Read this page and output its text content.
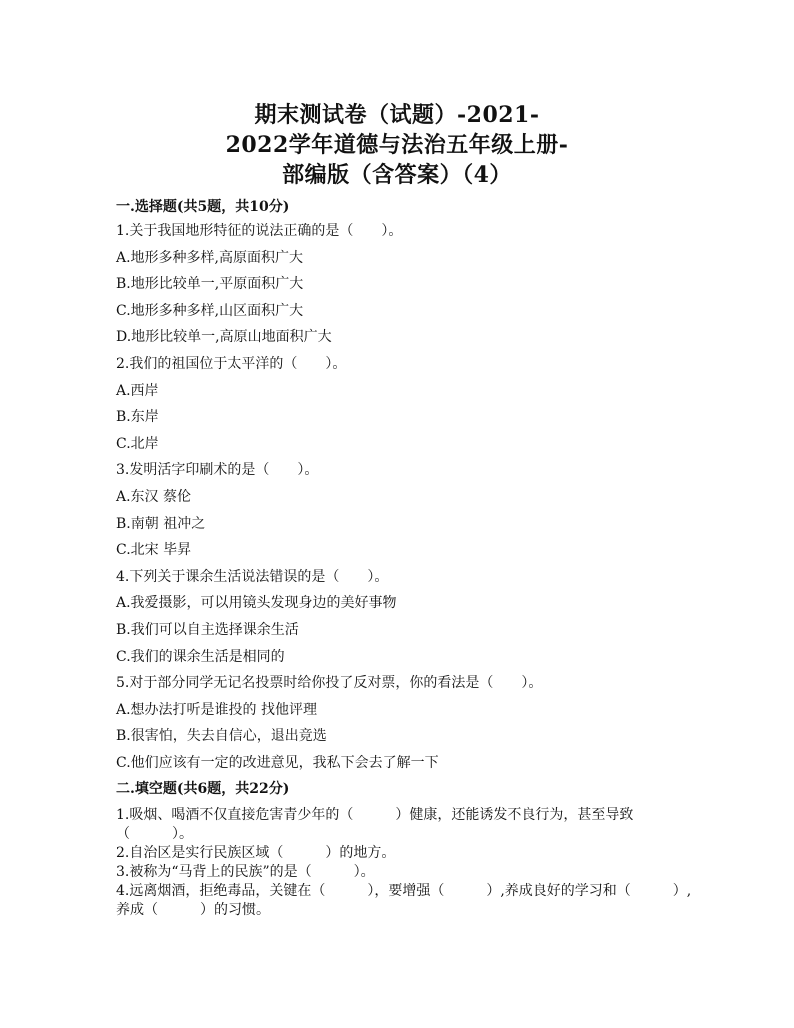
期末测试卷（试题）-2021-
2022学年道德与法治五年级上册-
部编版（含答案）（4）

一.选择题(共5题，共10分)

1.关于我国地形特征的说法正确的是（　　）。

A.地形多种多样,高原面积广大

B.地形比较单一,平原面积广大

C.地形多种多样,山区面积广大

D.地形比较单一,高原山地面积广大

2.我们的祖国位于太平洋的（　　）。

A.西岸

B.东岸

C.北岸

3.发明活字印刷术的是（　　）。

A.东汉 蔡伦

B.南朝 祖冲之

C.北宋 毕昇

4.下列关于课余生活说法错误的是（　　）。

A.我爱摄影，可以用镜头发现身边的美好事物

B.我们可以自主选择课余生活

C.我们的课余生活是相同的

5.对于部分同学无记名投票时给你投了反对票，你的看法是（　　）。

A.想办法打听是谁投的 找他评理

B.很害怕，失去自信心，退出竞选

C.他们应该有一定的改进意见，我私下会去了解一下

二.填空题(共6题，共22分)

1.吸烟、喝酒不仅直接危害青少年的（　　　）健康，还能诱发不良行为，甚至导致（　　　）。

2.自治区是实行民族区域（　　　）的地方。

3.被称为“马背上的民族”的是（　　　）。

4.远离烟酒，拒绝毒品，关键在（　　　），要增强（　　　）,养成良好的学习和（　　　）,养成（　　　）的习惯。
